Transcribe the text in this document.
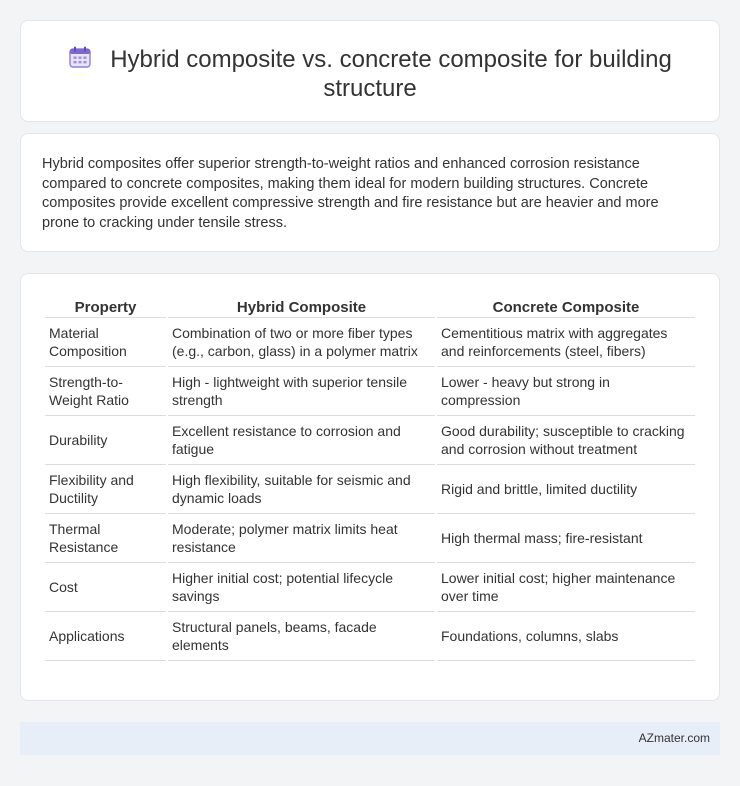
Hybrid composite vs. concrete composite for building structure

Hybrid composites offer superior strength-to-weight ratios and enhanced corrosion resistance compared to concrete composites, making them ideal for modern building structures. Concrete composites provide excellent compressive strength and fire resistance but are heavier and more prone to cracking under tensile stress.

Property	Hybrid Composite	Concrete Composite
Material Composition	Combination of two or more fiber types (e.g., carbon, glass) in a polymer matrix	Cementitious matrix with aggregates and reinforcements (steel, fibers)
Strength-to-Weight Ratio	High - lightweight with superior tensile strength	Lower - heavy but strong in compression
Durability	Excellent resistance to corrosion and fatigue	Good durability; susceptible to cracking and corrosion without treatment
Flexibility and Ductility	High flexibility, suitable for seismic and dynamic loads	Rigid and brittle, limited ductility
Thermal Resistance	Moderate; polymer matrix limits heat resistance	High thermal mass; fire-resistant
Cost	Higher initial cost; potential lifecycle savings	Lower initial cost; higher maintenance over time
Applications	Structural panels, beams, facade elements	Foundations, columns, slabs
AZmater.com
